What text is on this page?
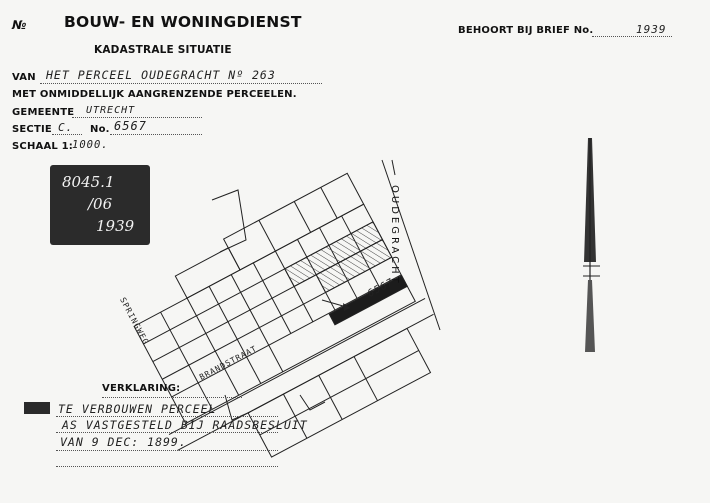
№ BOUW- EN WONINGDIENST
KADASTRALE SITUATIE
BEHOORT BIJ BRIEF No.	1939
VAN HET PERCEEL OUDEGRACHT Nº 263
MET ONMIDDELLIJK AANGRENZENDE PERCEELEN.
GEMEENTE UTRECHT
SECTIE C. No. 6567
SCHAAL 1: 1000.
8045.1
/06
1939	OUDEGRACHT
BRANDSTRAAT
SPRINGWEG
6567
VERKLARING:
TE VERBOUWEN PERCEEL
AS VASTGESTELD BIJ RAADSBESLUIT
VAN 9 DEC: 1899.
